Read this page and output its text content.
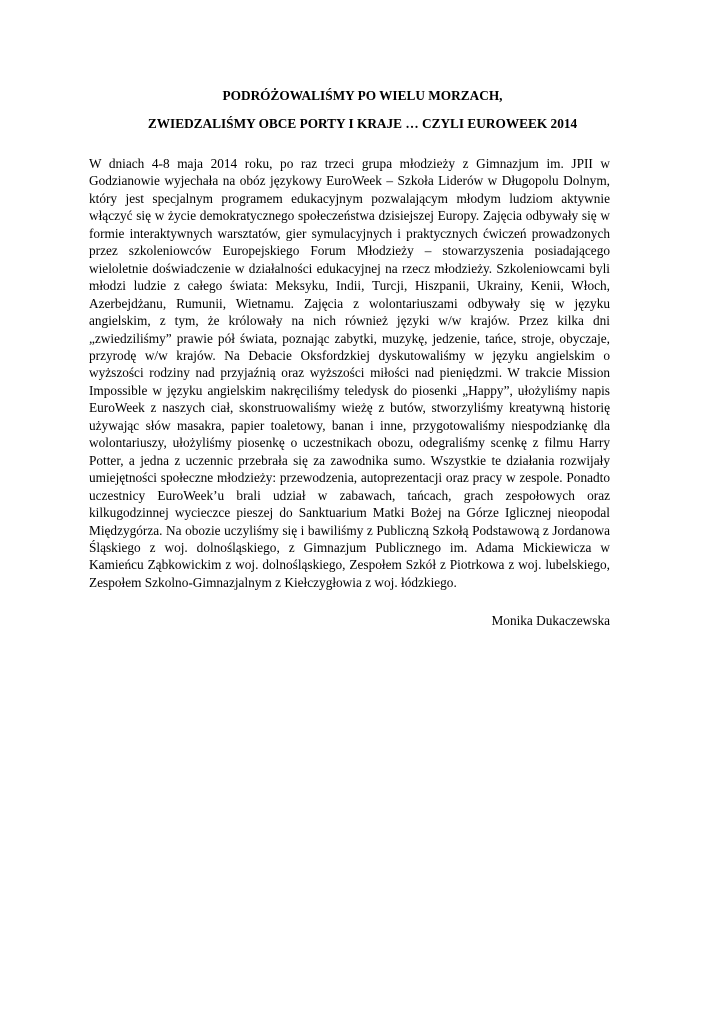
PODRÓŻOWALIŚMY PO WIELU MORZACH,
ZWIEDZALIŚMY OBCE PORTY I KRAJE … CZYLI EUROWEEK 2014

W dniach 4-8 maja 2014 roku, po raz trzeci grupa młodzieży z Gimnazjum im. JPII w Godzianowie wyjechała na obóz językowy EuroWeek – Szkoła Liderów w Długopolu Dolnym, który jest specjalnym programem edukacyjnym pozwalającym młodym ludziom aktywnie włączyć się w życie demokratycznego społeczeństwa dzisiejszej Europy. Zajęcia odbywały się w formie interaktywnych warsztatów, gier symulacyjnych i praktycznych ćwiczeń prowadzonych przez szkoleniowców Europejskiego Forum Młodzieży – stowarzyszenia posiadającego wieloletnie doświadczenie w działalności edukacyjnej na rzecz młodzieży. Szkoleniowcami byli młodzi ludzie z całego świata: Meksyku, Indii, Turcji, Hiszpanii, Ukrainy, Kenii, Włoch, Azerbejdżanu, Rumunii, Wietnamu. Zajęcia z wolontariuszami odbywały się w języku angielskim, z tym, że królowały na nich również języki w/w krajów. Przez kilka dni „zwiedziliśmy” prawie pół świata, poznając zabytki, muzykę, jedzenie, tańce, stroje, obyczaje, przyrodę w/w krajów. Na Debacie Oksfordzkiej dyskutowaliśmy w języku angielskim o wyższości rodziny nad przyjaźnią oraz wyższości miłości nad pieniędzmi. W trakcie Mission Impossible w języku angielskim nakręciliśmy teledysk do piosenki „Happy”, ułożyliśmy napis EuroWeek z naszych ciał, skonstruowaliśmy wieżę z butów, stworzyliśmy kreatywną historię używając słów masakra, papier toaletowy, banan i inne, przygotowaliśmy niespodziankę dla wolontariuszy, ułożyliśmy piosenkę o uczestnikach obozu, odegraliśmy scenkę z filmu Harry Potter, a jedna z uczennic przebrała się za zawodnika sumo. Wszystkie te działania rozwijały umiejętności społeczne młodzieży: przewodzenia, autoprezentacji oraz pracy w zespole. Ponadto uczestnicy EuroWeek’u brali udział w zabawach, tańcach, grach zespołowych oraz kilkugodzinnej wycieczce pieszej do Sanktuarium Matki Bożej na Górze Iglicznej nieopodal Międzygórza. Na obozie uczyliśmy się i bawiliśmy z Publiczną Szkołą Podstawową z Jordanowa Śląskiego z woj. dolnośląskiego, z Gimnazjum Publicznego im. Adama Mickiewicza w Kamieńcu Ząbkowickim z woj. dolnośląskiego, Zespołem Szkół z Piotrkowa z woj. lubelskiego, Zespołem Szkolno-Gimnazjalnym z Kiełczygłowia z woj. łódzkiego.

Monika Dukaczewska
